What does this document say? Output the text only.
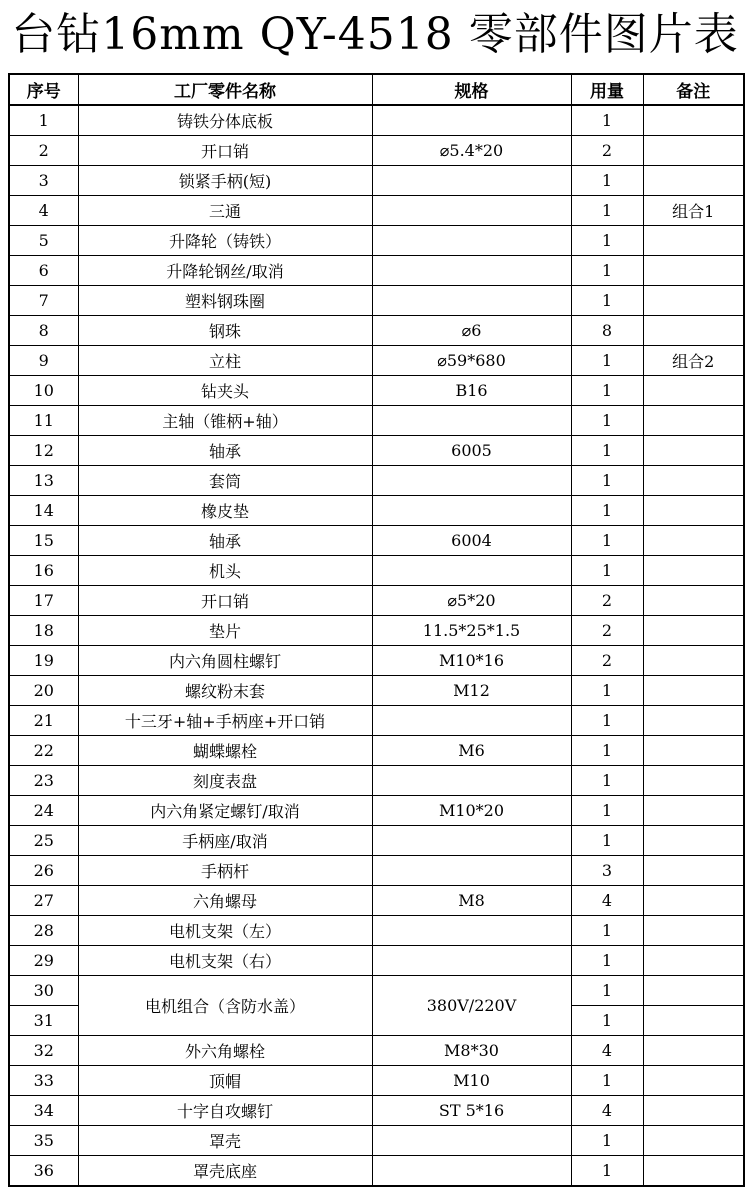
台钻16mm QY-4518 零部件图片表
序号	工厂零件名称	规格	用量	备注
1	铸铁分体底板		1	
2	开口销	⌀5.4*20	2	
3	锁紧手柄(短)		1	
4	三通		1	组合1
5	升降轮（铸铁）		1	
6	升降轮钢丝/取消		1	
7	塑料钢珠圈		1	
8	钢珠	⌀6	8	
9	立柱	⌀59*680	1	组合2
10	钻夹头	B16	1	
11	主轴（锥柄+轴）		1	
12	轴承	6005	1	
13	套筒		1	
14	橡皮垫		1	
15	轴承	6004	1	
16	机头		1	
17	开口销	⌀5*20	2	
18	垫片	11.5*25*1.5	2	
19	内六角圆柱螺钉	M10*16	2	
20	螺纹粉末套	M12	1	
21	十三牙+轴+手柄座+开口销		1	
22	蝴蝶螺栓	M6	1	
23	刻度表盘		1	
24	内六角紧定螺钉/取消	M10*20	1	
25	手柄座/取消		1	
26	手柄杆		3	
27	六角螺母	M8	4	
28	电机支架（左）		1	
29	电机支架（右）		1	
30	电机组合（含防水盖）	380V/220V	1	
31			1	
32	外六角螺栓	M8*30	4	
33	顶帽	M10	1	
34	十字自攻螺钉	ST 5*16	4	
35	罩壳		1	
36	罩壳底座		1	
